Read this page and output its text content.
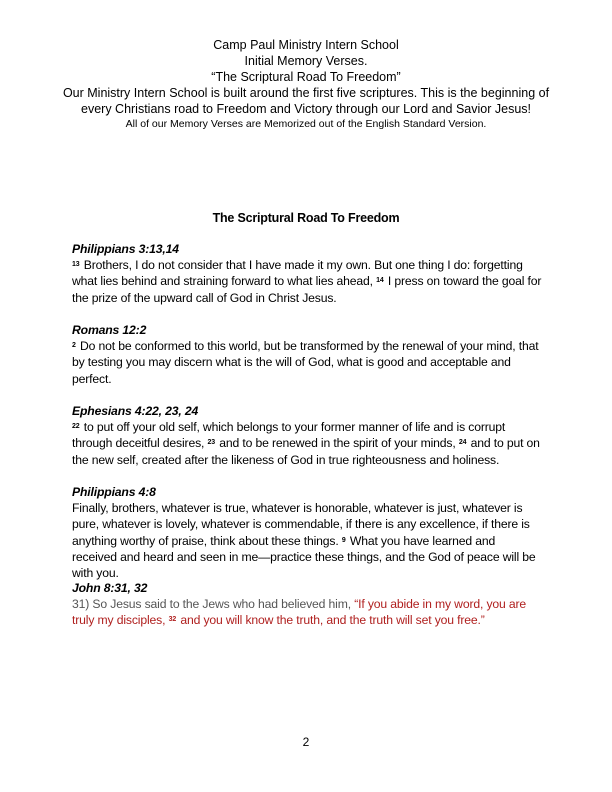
Camp Paul Ministry Intern School
Initial Memory Verses.
“The Scriptural Road To Freedom”
Our Ministry Intern School is built around the first five scriptures. This is the beginning of
every Christians road to Freedom and Victory through our Lord and Savior Jesus!
All of our Memory Verses are Memorized out of the English Standard Version.
The Scriptural Road To Freedom
Philippians 3:13,14
$^{13}$ Brothers, I do not consider that I have made it my own. But one thing I do: forgetting what lies behind and straining forward to what lies ahead, $^{14}$ I press on toward the goal for the prize of the upward call of God in Christ Jesus.
Romans 12:2
$^2$ Do not be conformed to this world, but be transformed by the renewal of your mind, that by testing you may discern what is the will of God, what is good and acceptable and perfect.
Ephesians 4:22, 23, 24
$^{22}$ to put off your old self, which belongs to your former manner of life and is corrupt through deceitful desires, $^{23}$ and to be renewed in the spirit of your minds, $^{24}$ and to put on the new self, created after the likeness of God in true righteousness and holiness.
Philippians 4:8
Finally, brothers, whatever is true, whatever is honorable, whatever is just, whatever is pure, whatever is lovely, whatever is commendable, if there is any excellence, if there is anything worthy of praise, think about these things. $^9$ What you have learned and received and heard and seen in me—practice these things, and the God of peace will be with you.
John 8:31, 32
31) So Jesus said to the Jews who had believed him, “If you abide in my word, you are truly my disciples, $^{32}$ and you will know the truth, and the truth will set you free.”
2
